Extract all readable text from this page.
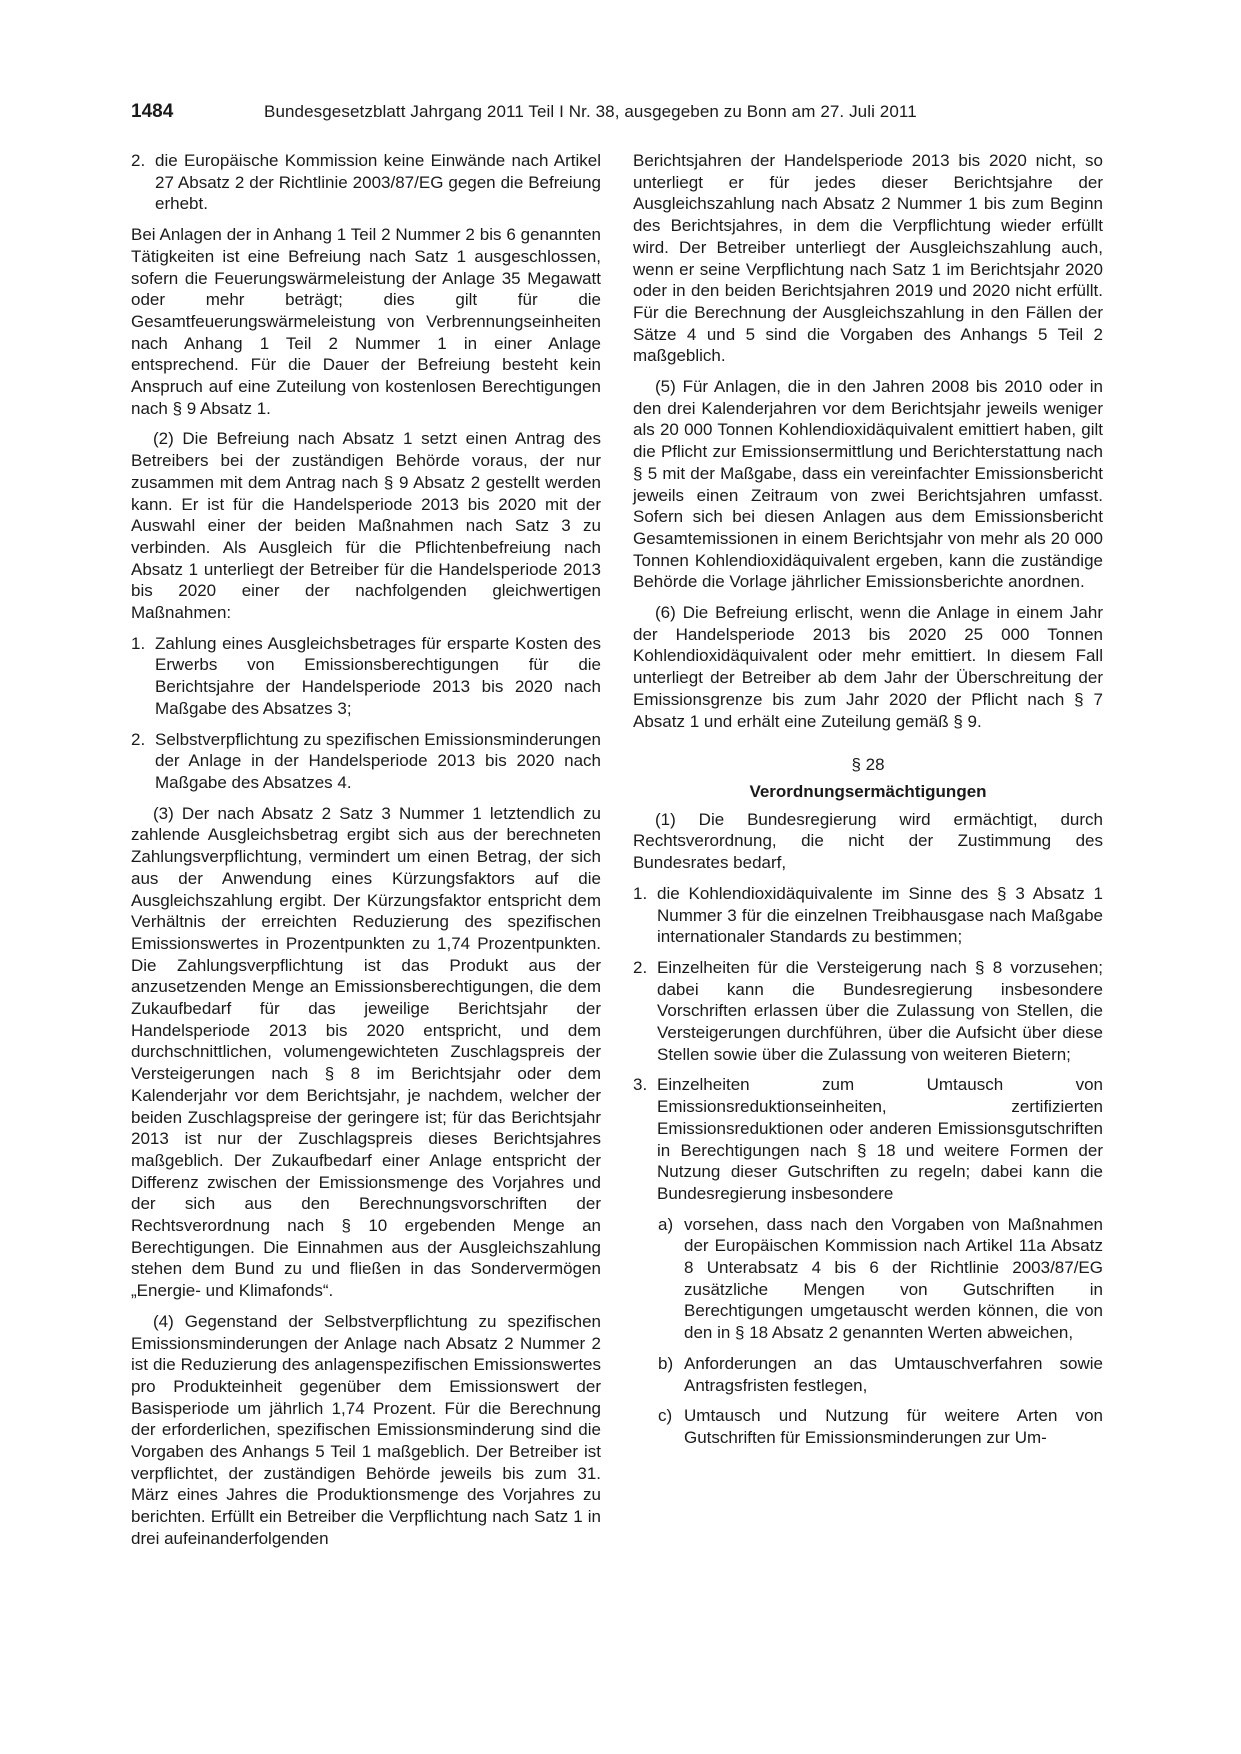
1484	Bundesgesetzblatt Jahrgang 2011 Teil I Nr. 38, ausgegeben zu Bonn am 27. Juli 2011
2. die Europäische Kommission keine Einwände nach Artikel 27 Absatz 2 der Richtlinie 2003/87/EG gegen die Befreiung erhebt.

Bei Anlagen der in Anhang 1 Teil 2 Nummer 2 bis 6 genannten Tätigkeiten ist eine Befreiung nach Satz 1 ausgeschlossen, sofern die Feuerungswärmeleistung der Anlage 35 Megawatt oder mehr beträgt; dies gilt für die Gesamtfeuerungswärmeleistung von Verbrennungseinheiten nach Anhang 1 Teil 2 Nummer 1 in einer Anlage entsprechend. Für die Dauer der Befreiung besteht kein Anspruch auf eine Zuteilung von kostenlosen Berechtigungen nach § 9 Absatz 1.

(2) Die Befreiung nach Absatz 1 setzt einen Antrag des Betreibers bei der zuständigen Behörde voraus, der nur zusammen mit dem Antrag nach § 9 Absatz 2 gestellt werden kann. Er ist für die Handelsperiode 2013 bis 2020 mit der Auswahl einer der beiden Maßnahmen nach Satz 3 zu verbinden. Als Ausgleich für die Pflichtenbefreiung nach Absatz 1 unterliegt der Betreiber für die Handelsperiode 2013 bis 2020 einer der nachfolgenden gleichwertigen Maßnahmen:

1. Zahlung eines Ausgleichsbetrages für ersparte Kosten des Erwerbs von Emissionsberechtigungen für die Berichtsjahre der Handelsperiode 2013 bis 2020 nach Maßgabe des Absatzes 3;
2. Selbstverpflichtung zu spezifischen Emissionsminderungen der Anlage in der Handelsperiode 2013 bis 2020 nach Maßgabe des Absatzes 4.

(3) Der nach Absatz 2 Satz 3 Nummer 1 letztendlich zu zahlende Ausgleichsbetrag ergibt sich aus der berechneten Zahlungsverpflichtung, vermindert um einen Betrag, der sich aus der Anwendung eines Kürzungsfaktors auf die Ausgleichszahlung ergibt. Der Kürzungsfaktor entspricht dem Verhältnis der erreichten Reduzierung des spezifischen Emissionswertes in Prozentpunkten zu 1,74 Prozentpunkten. Die Zahlungsverpflichtung ist das Produkt aus der anzusetzenden Menge an Emissionsberechtigungen, die dem Zukaufbedarf für das jeweilige Berichtsjahr der Handelsperiode 2013 bis 2020 entspricht, und dem durchschnittlichen, volumengewichteten Zuschlagspreis der Versteigerungen nach § 8 im Berichtsjahr oder dem Kalenderjahr vor dem Berichtsjahr, je nachdem, welcher der beiden Zuschlagspreise der geringere ist; für das Berichtsjahr 2013 ist nur der Zuschlagspreis dieses Berichtsjahres maßgeblich. Der Zukaufbedarf einer Anlage entspricht der Differenz zwischen der Emissionsmenge des Vorjahres und der sich aus den Berechnungsvorschriften der Rechtsverordnung nach § 10 ergebenden Menge an Berechtigungen. Die Einnahmen aus der Ausgleichszahlung stehen dem Bund zu und fließen in das Sondervermögen „Energie- und Klimafonds“.

(4) Gegenstand der Selbstverpflichtung zu spezifischen Emissionsminderungen der Anlage nach Absatz 2 Nummer 2 ist die Reduzierung des anlagenspezifischen Emissionswertes pro Produkteinheit gegenüber dem Emissionswert der Basisperiode um jährlich 1,74 Prozent. Für die Berechnung der erforderlichen, spezifischen Emissionsminderung sind die Vorgaben des Anhangs 5 Teil 1 maßgeblich. Der Betreiber ist verpflichtet, der zuständigen Behörde jeweils bis zum 31. März eines Jahres die Produktionsmenge des Vorjahres zu berichten. Erfüllt ein Betreiber die Verpflichtung nach Satz 1 in drei aufeinanderfolgenden

Berichtsjahren der Handelsperiode 2013 bis 2020 nicht, so unterliegt er für jedes dieser Berichtsjahre der Ausgleichszahlung nach Absatz 2 Nummer 1 bis zum Beginn des Berichtsjahres, in dem die Verpflichtung wieder erfüllt wird. Der Betreiber unterliegt der Ausgleichszahlung auch, wenn er seine Verpflichtung nach Satz 1 im Berichtsjahr 2020 oder in den beiden Berichtsjahren 2019 und 2020 nicht erfüllt. Für die Berechnung der Ausgleichszahlung in den Fällen der Sätze 4 und 5 sind die Vorgaben des Anhangs 5 Teil 2 maßgeblich.

(5) Für Anlagen, die in den Jahren 2008 bis 2010 oder in den drei Kalenderjahren vor dem Berichtsjahr jeweils weniger als 20 000 Tonnen Kohlendioxidäquivalent emittiert haben, gilt die Pflicht zur Emissionsermittlung und Berichterstattung nach § 5 mit der Maßgabe, dass ein vereinfachter Emissionsbericht jeweils einen Zeitraum von zwei Berichtsjahren umfasst. Sofern sich bei diesen Anlagen aus dem Emissionsbericht Gesamtemissionen in einem Berichtsjahr von mehr als 20 000 Tonnen Kohlendioxidäquivalent ergeben, kann die zuständige Behörde die Vorlage jährlicher Emissionsberichte anordnen.

(6) Die Befreiung erlischt, wenn die Anlage in einem Jahr der Handelsperiode 2013 bis 2020 25 000 Tonnen Kohlendioxidäquivalent oder mehr emittiert. In diesem Fall unterliegt der Betreiber ab dem Jahr der Überschreitung der Emissionsgrenze bis zum Jahr 2020 der Pflicht nach § 7 Absatz 1 und erhält eine Zuteilung gemäß § 9.

§ 28
Verordnungsermächtigungen

(1) Die Bundesregierung wird ermächtigt, durch Rechtsverordnung, die nicht der Zustimmung des Bundesrates bedarf,

1. die Kohlendioxidäquivalente im Sinne des § 3 Absatz 1 Nummer 3 für die einzelnen Treibhausgase nach Maßgabe internationaler Standards zu bestimmen;
2. Einzelheiten für die Versteigerung nach § 8 vorzusehen; dabei kann die Bundesregierung insbesondere Vorschriften erlassen über die Zulassung von Stellen, die Versteigerungen durchführen, über die Aufsicht über diese Stellen sowie über die Zulassung von weiteren Bietern;
3. Einzelheiten zum Umtausch von Emissionsreduktionseinheiten, zertifizierten Emissionsreduktionen oder anderen Emissionsgutschriften in Berechtigungen nach § 18 und weitere Formen der Nutzung dieser Gutschriften zu regeln; dabei kann die Bundesregierung insbesondere
a) vorsehen, dass nach den Vorgaben von Maßnahmen der Europäischen Kommission nach Artikel 11a Absatz 8 Unterabsatz 4 bis 6 der Richtlinie 2003/87/EG zusätzliche Mengen von Gutschriften in Berechtigungen umgetauscht werden können, die von den in § 18 Absatz 2 genannten Werten abweichen,
b) Anforderungen an das Umtauschverfahren sowie Antragsfristen festlegen,
c) Umtausch und Nutzung für weitere Arten von Gutschriften für Emissionsminderungen zur Um-
